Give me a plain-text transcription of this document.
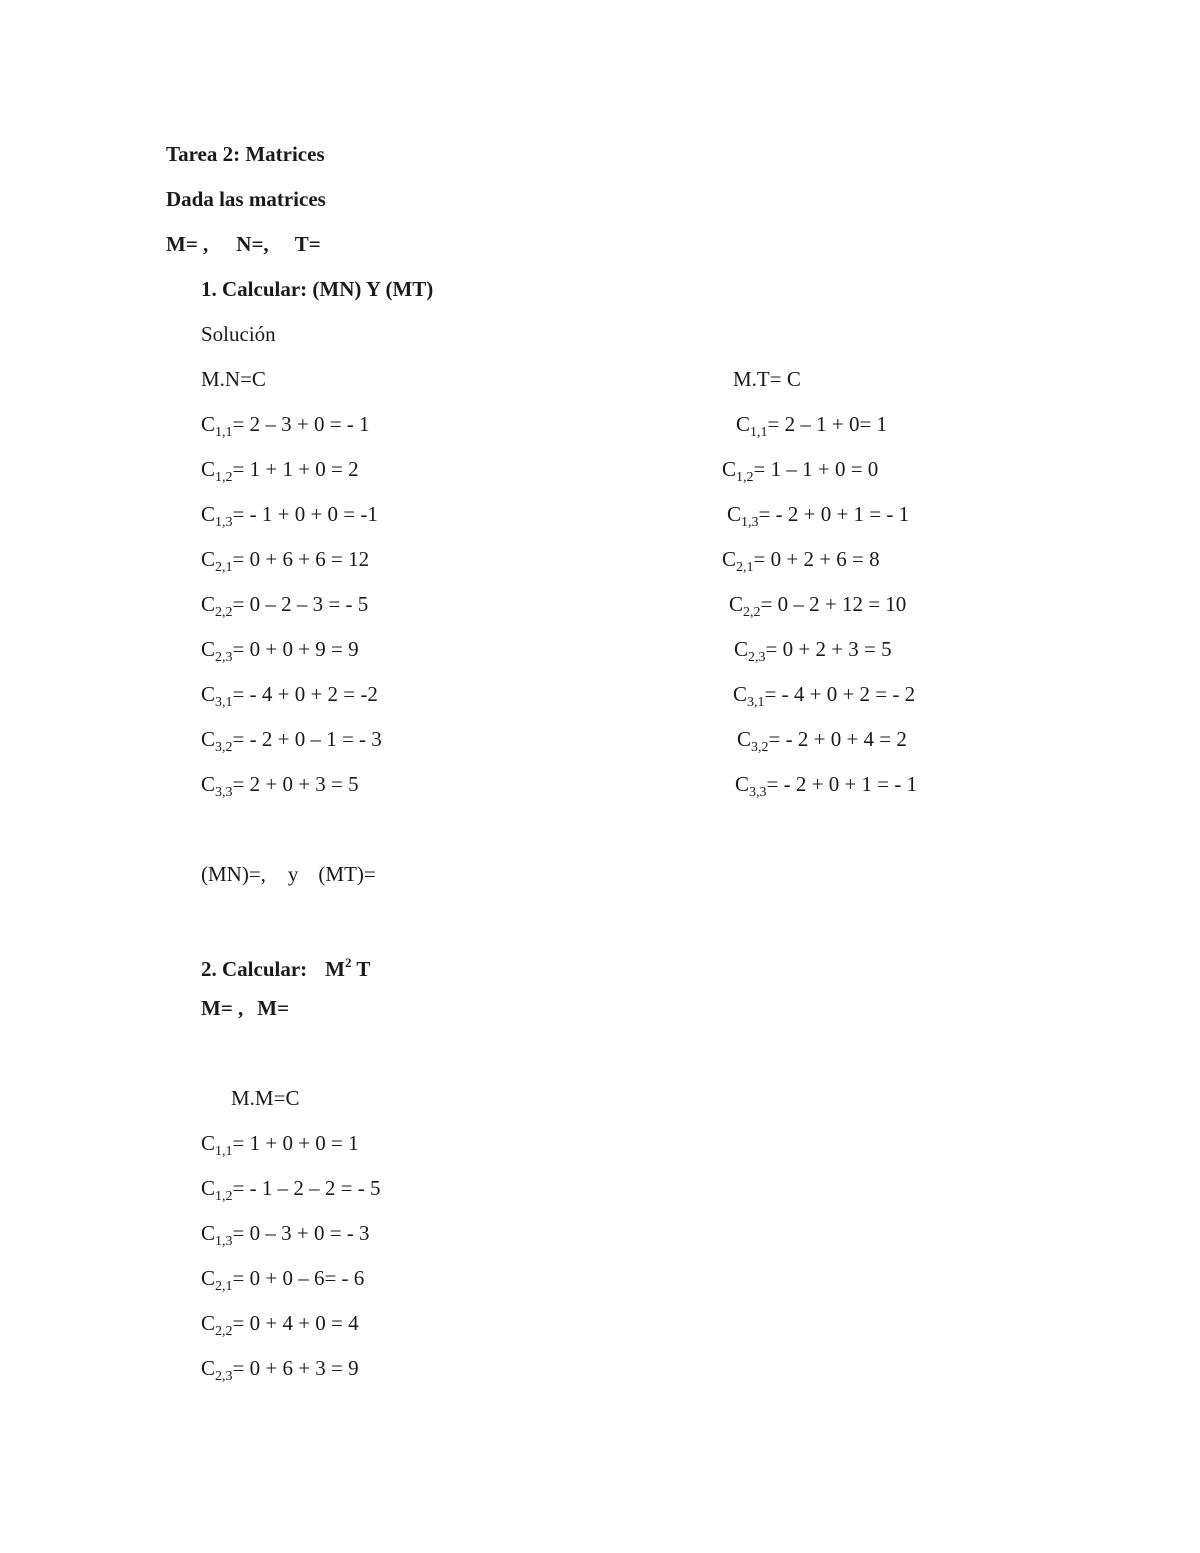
Tarea 2: Matrices
Dada las matrices
M= , N=, T=
1. Calcular: (MN) Y (MT)
Solución
M.N=C	M.T= C
$C_{1,1}= 2 - 3 + 0$ = - 1
$C_{1,2}= 1 + 1 + 0 = 2$
$C_{1,3}= - 1 + 0 + 0 = -1$
$C_{2,1}= 0 + 6 + 6 = 12$
$C_{2,2}= 0 - 2 - 3$ = - 5
$C_{2,3}= 0 + 0 + 9 = 9$
$C_{3,1}= - 4 + 0 + 2 = -2$
$C_{3,2}= - 2 + 0 - 1$ = - 3
$C_{3,3}= 2 + 0 + 3 = 5$
$C_{1,1}= 2 - 1 + 0= 1$
$C_{1,2}= 1 - 1 + 0 = 0$
$C_{1,3}= - 2 + 0 + 1$ = - 1
$C_{2,1}= 0 + 2 + 6 = 8$
$C_{2,2}= 0 - 2 + 12 = 10$
$C_{2,3}= 0 + 2 + 3 = 5$
$C_{3,1}= - 4 + 0 + 2$ = - 2
$C_{3,2}= - 2 + 0 + 4 = 2$
$C_{3,3}= - 2 + 0 + 1$ = - 1
(MN)=, y (MT)=
2. Calcular: $M^2$ T
M= , M=
M.M=C
$C_{1,1}= 1 + 0 + 0 = 1$
$C_{1,2}= - 1 - 2 - 2$ = - 5
$C_{1,3}= 0 - 3 + 0$ = - 3
$C_{2,1}= 0 + 0 - 6= - 6$
$C_{2,2}= 0 + 4 + 0 = 4$
$C_{2,3}= 0 + 6 + 3 = 9$
